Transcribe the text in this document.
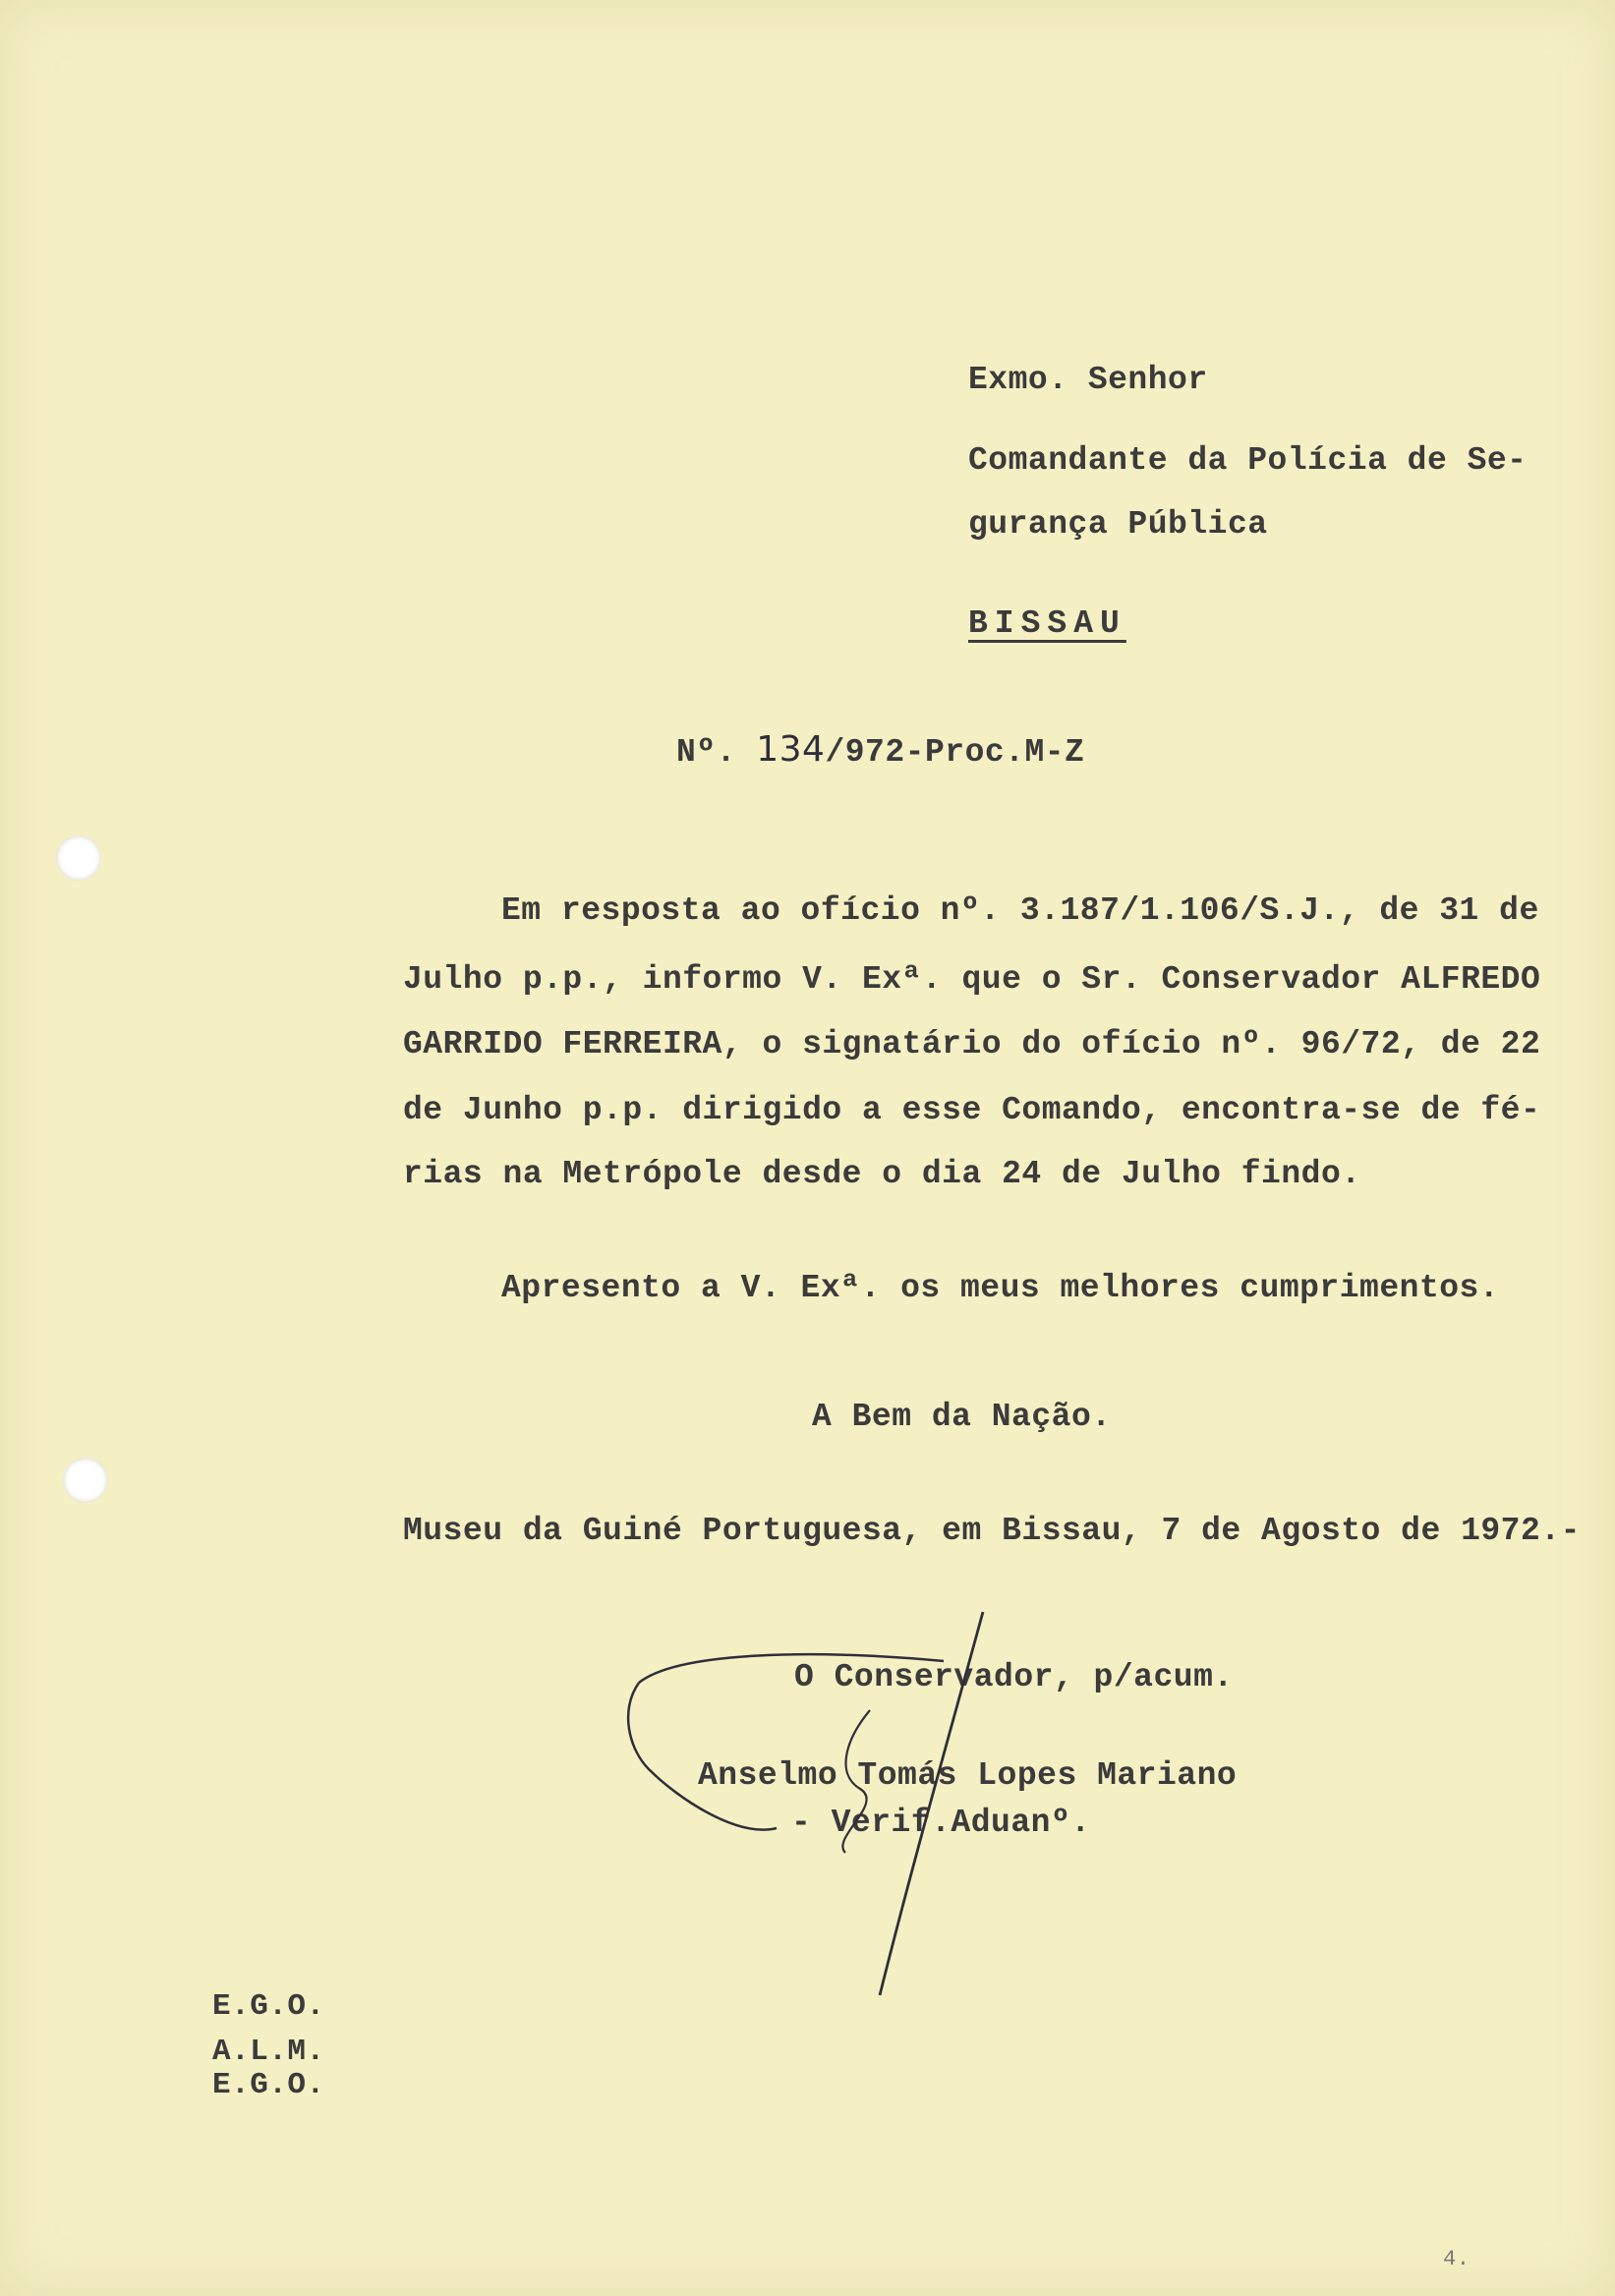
Exmo. Senhor
Comandante da Polícia de Se-
gurança Pública
BISSAU
Nº. 134/972-Proc.M-Z
Em resposta ao ofício nº. 3.187/1.106/S.J., de 31 de
Julho p.p., informo V. Exª. que o Sr. Conservador ALFREDO
GARRIDO FERREIRA, o signatário do ofício nº. 96/72, de 22
de Junho p.p. dirigido a esse Comando, encontra-se de fé-
rias na Metrópole desde o dia 24 de Julho findo.
Apresento a V. Exª. os meus melhores cumprimentos.
A Bem da Nação.
Museu da Guiné Portuguesa, em Bissau, 7 de Agosto de 1972.-
O Conservador, p/acum.
Anselmo Tomás Lopes Mariano
- Verif.Aduanº.
E.G.O.
A.L.M.
E.G.O.
4.
